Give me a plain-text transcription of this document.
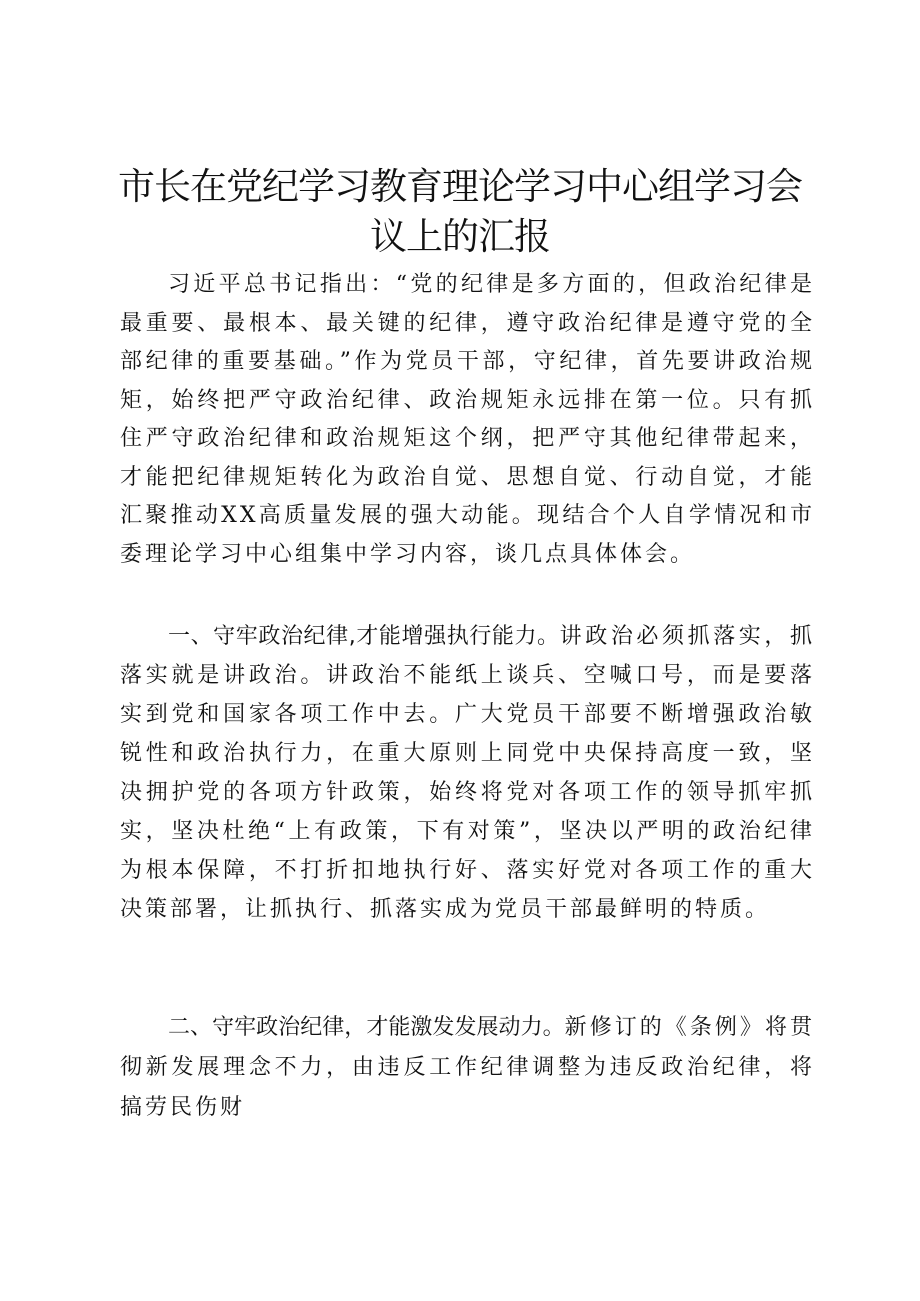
市长在党纪学习教育理论学习中心组学习会议上的汇报

习近平总书记指出：“党的纪律是多方面的，但政治纪律是最重要、最根本、最关键的纪律，遵守政治纪律是遵守党的全部纪律的重要基础。”作为党员干部，守纪律，首先要讲政治规矩，始终把严守政治纪律、政治规矩永远排在第一位。只有抓住严守政治纪律和政治规矩这个纲，把严守其他纪律带起来，才能把纪律规矩转化为政治自觉、思想自觉、行动自觉，才能汇聚推动XX高质量发展的强大动能。现结合个人自学情况和市委理论学习中心组集中学习内容，谈几点具体体会。

一、守牢政治纪律,才能增强执行能力。讲政治必须抓落实，抓落实就是讲政治。讲政治不能纸上谈兵、空喊口号，而是要落实到党和国家各项工作中去。广大党员干部要不断增强政治敏锐性和政治执行力，在重大原则上同党中央保持高度一致，坚决拥护党的各项方针政策，始终将党对各项工作的领导抓牢抓实，坚决杜绝“上有政策，下有对策”，坚决以严明的政治纪律为根本保障，不打折扣地执行好、落实好党对各项工作的重大决策部署，让抓执行、抓落实成为党员干部最鲜明的特质。

二、守牢政治纪律，才能激发发展动力。新修订的《条例》将贯彻新发展理念不力，由违反工作纪律调整为违反政治纪律，将搞劳民伤财
